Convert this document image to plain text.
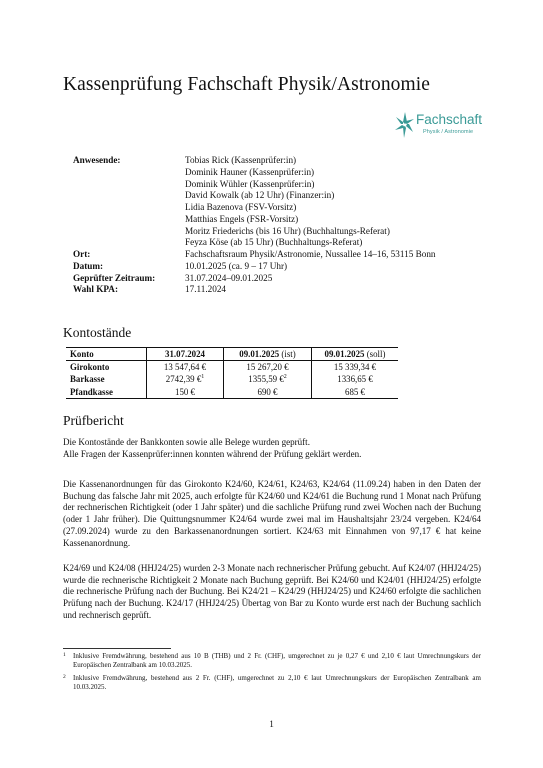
Kassenprüfung Fachschaft Physik/Astronomie
Fachschaft
Physik / Astronomie
Anwesende:	Tobias Rick (Kassenprüfer:in)
Dominik Hauner (Kassenprüfer:in)
Dominik Wühler (Kassenprüfer:in)
David Kowalk (ab 12 Uhr) (Finanzer:in)
Lidia Bazenova (FSV-Vorsitz)
Matthias Engels (FSR-Vorsitz)
Moritz Friederichs (bis 16 Uhr) (Buchhaltungs-Referat)
Feyza Köse (ab 15 Uhr) (Buchhaltungs-Referat)
Ort:	Fachschaftsraum Physik/Astronomie, Nussallee 14–16, 53115 Bonn
Datum:	10.01.2025 (ca. 9 – 17 Uhr)
Geprüfter Zeitraum:	31.07.2024–09.01.2025
Wahl KPA:	17.11.2024
Kontostände
Konto	31.07.2024	09.01.2025 (ist)	09.01.2025 (soll)
Girokonto	13 547,64 €	15 267,20 €	15 339,34 €
Barkasse	2742,39 €$^1$	1355,59 €$^2$	1336,65 €
Pfandkasse	150 €	690 €	685 €
Prüfbericht

Die Kontostände der Bankkonten sowie alle Belege wurden geprüft.

Alle Fragen der Kassenprüfer:innen konnten während der Prüfung geklärt werden.

Die Kassenanordnungen für das Girokonto K24/60, K24/61, K24/63, K24/64 (11.09.24) haben in den Daten der Buchung das falsche Jahr mit 2025, auch erfolgte für K24/60 und K24/61 die Buchung rund 1 Monat nach Prüfung der rechnerischen Richtigkeit (oder 1 Jahr später) und die sachliche Prüfung rund zwei Wochen nach der Buchung (oder 1 Jahr früher). Die Quittungsnummer K24/64 wurde zwei mal im Haushaltsjahr 23/24 vergeben. K24/64 (27.09.2024) wurde zu den Barkassenanordnungen sortiert. K24/63 mit Einnahmen von 97,17 € hat keine Kassenanordnung.

K24/69 und K24/08 (HHJ24/25) wurden 2-3 Monate nach rechnerischer Prüfung gebucht. Auf K24/07 (HHJ24/25) wurde die rechnerische Richtigkeit 2 Monate nach Buchung geprüft. Bei K24/60 und K24/01 (HHJ24/25) erfolgte die rechnerische Prüfung nach der Buchung. Bei K24/21 – K24/29 (HHJ24/25) und K24/60 erfolgte die sachlichen Prüfung nach der Buchung. K24/17 (HHJ24/25) Übertag von Bar zu Konto wurde erst nach der Buchung sachlich und rechnerisch geprüft.

1	Inklusive Fremdwährung, bestehend aus 10 B (THB) und 2 Fr. (CHF), umgerechnet zu je 0,27 € und 2,10 € laut Umrechnungskurs der Europäischen Zentralbank am 10.03.2025.
2	Inklusive Fremdwährung, bestehend aus 2 Fr. (CHF), umgerechnet zu 2,10 € laut Umrechnungskurs der Europäischen Zentralbank am 10.03.2025.
1
